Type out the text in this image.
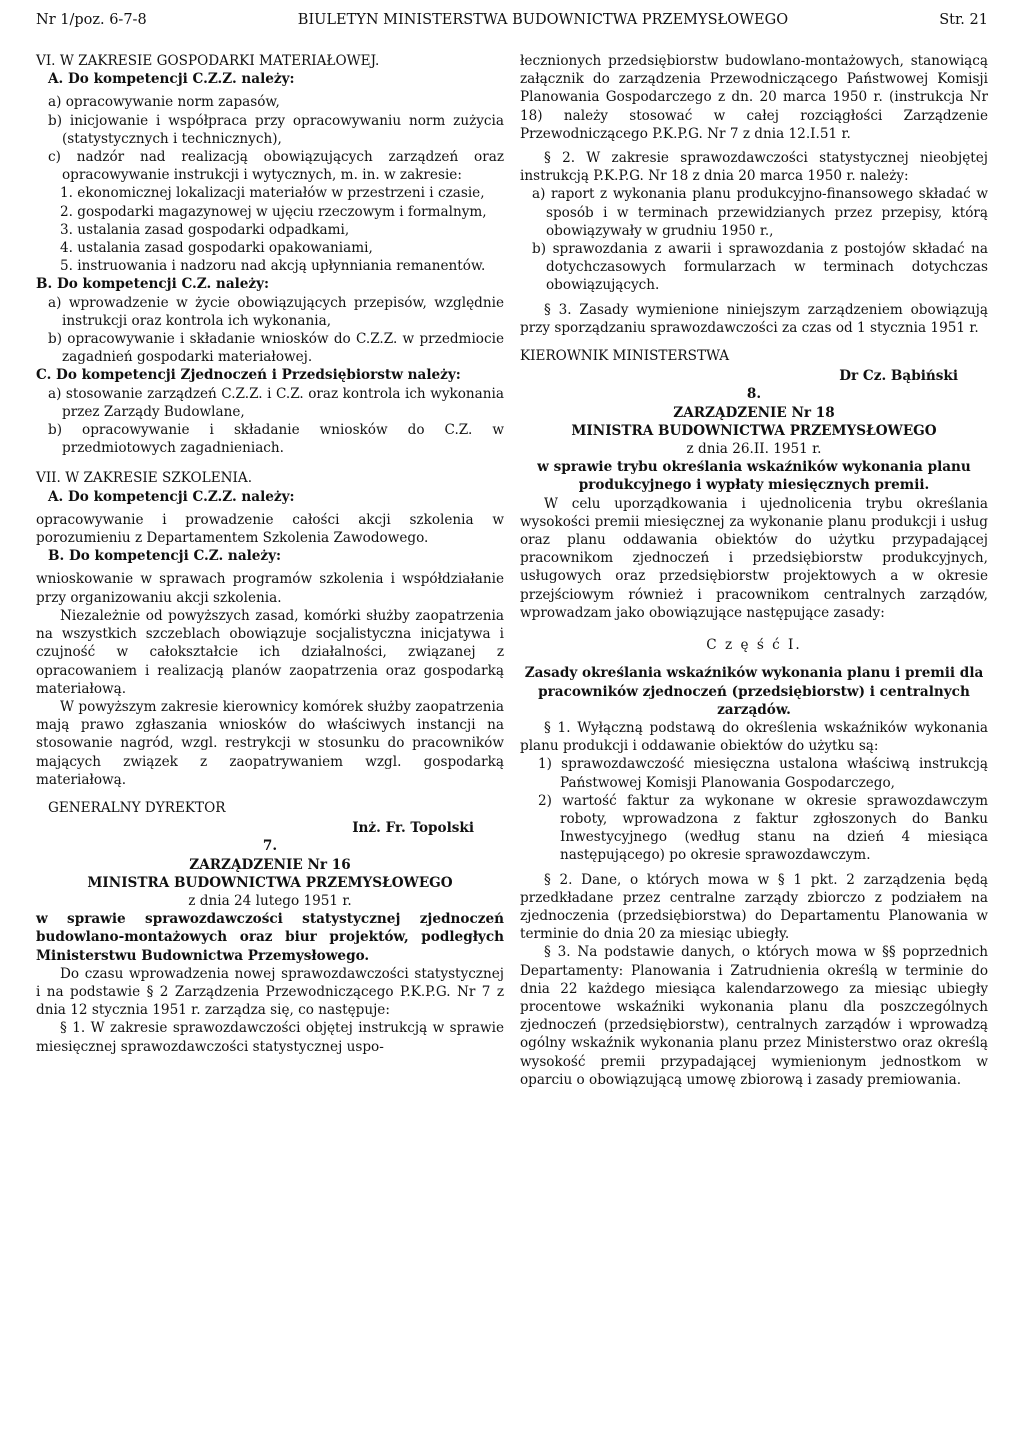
Nr 1/poz. 6-7-8	BIULETYN MINISTERSTWA BUDOWNICTWA PRZEMYSŁOWEGO	Str. 21

VI. W ZAKRESIE GOSPODARKI MATERIAŁOWEJ.

A. Do kompetencji C.Z.Z. należy:

a) opracowywanie norm zapasów,

b) inicjowanie i współpraca przy opracowywaniu norm zużycia (statystycznych i technicznych),

c) nadzór nad realizacją obowiązujących zarządzeń oraz opracowywanie instrukcji i wytycznych, m. in. w zakresie:

1. ekonomicznej lokalizacji materiałów w przestrzeni i czasie,

2. gospodarki magazynowej w ujęciu rzeczowym i formalnym,

3. ustalania zasad gospodarki odpadkami,

4. ustalania zasad gospodarki opakowaniami,

5. instruowania i nadzoru nad akcją upłynniania remanentów.

B. Do kompetencji C.Z. należy:

a) wprowadzenie w życie obowiązujących przepisów, względnie instrukcji oraz kontrola ich wykonania,

b) opracowywanie i składanie wniosków do C.Z.Z. w przedmiocie zagadnień gospodarki materiałowej.

C. Do kompetencji Zjednoczeń i Przedsiębiorstw należy:

a) stosowanie zarządzeń C.Z.Z. i C.Z. oraz kontrola ich wykonania przez Zarządy Budowlane,

b) opracowywanie i składanie wniosków do C.Z. w przedmiotowych zagadnieniach.

VII. W ZAKRESIE SZKOLENIA.

A. Do kompetencji C.Z.Z. należy:

opracowywanie i prowadzenie całości akcji szkolenia w porozumieniu z Departamentem Szkolenia Zawodowego.

B. Do kompetencji C.Z. należy:

wnioskowanie w sprawach programów szkolenia i współdziałanie przy organizowaniu akcji szkolenia.

Niezależnie od powyższych zasad, komórki służby zaopatrzenia na wszystkich szczeblach obowiązuje socjalistyczna inicjatywa i czujność w całokształcie ich działalności, związanej z opracowaniem i realizacją planów zaopatrzenia oraz gospodarką materiałową.

W powyższym zakresie kierownicy komórek służby zaopatrzenia mają prawo zgłaszania wniosków do właściwych instancji na stosowanie nagród, wzgl. restrykcji w stosunku do pracowników mających związek z zaopatrywaniem wzgl. gospodarką materiałową.

GENERALNY DYREKTOR
Inż. Fr. Topolski

7.

ZARZĄDZENIE Nr 16

MINISTRA BUDOWNICTWA PRZEMYSŁOWEGO

z dnia 24 lutego 1951 r.

w sprawie sprawozdawczości statystycznej zjednoczeń budowlano-montażowych oraz biur projektów, podległych Ministerstwu Budownictwa Przemysłowego.

Do czasu wprowadzenia nowej sprawozdawczości statystycznej i na podstawie § 2 Zarządzenia Przewodniczącego P.K.P.G. Nr 7 z dnia 12 stycznia 1951 r. zarządza się, co następuje:

§ 1. W zakresie sprawozdawczości objętej instrukcją w sprawie miesięcznej sprawozdawczości statystycznej uspo-

łecznionych przedsiębiorstw budowlano-montażowych, stanowiącą załącznik do zarządzenia Przewodniczącego Państwowej Komisji Planowania Gospodarczego z dn. 20 marca 1950 r. (instrukcja Nr 18) należy stosować w całej rozciągłości Zarządzenie Przewodniczącego P.K.P.G. Nr 7 z dnia 12.I.51 r.

§ 2. W zakresie sprawozdawczości statystycznej nieobjętej instrukcją P.K.P.G. Nr 18 z dnia 20 marca 1950 r. należy:

a) raport z wykonania planu produkcyjno-finansowego składać w sposób i w terminach przewidzianych przez przepisy, którą obowiązywały w grudniu 1950 r.,

b) sprawozdania z awarii i sprawozdania z postojów składać na dotychczasowych formularzach w terminach dotychczas obowiązujących.

§ 3. Zasady wymienione niniejszym zarządzeniem obowiązują przy sporządzaniu sprawozdawczości za czas od 1 stycznia 1951 r.

KIEROWNIK MINISTERSTWA
Dr Cz. Bąbiński

8.

ZARZĄDZENIE Nr 18

MINISTRA BUDOWNICTWA PRZEMYSŁOWEGO

z dnia 26.II. 1951 r.

w sprawie trybu określania wskaźników wykonania planu produkcyjnego i wypłaty miesięcznych premii.

W celu uporządkowania i ujednolicenia trybu określania wysokości premii miesięcznej za wykonanie planu produkcji i usług oraz planu oddawania obiektów do użytku przypadającej pracownikom zjednoczeń i przedsiębiorstw produkcyjnych, usługowych oraz przedsiębiorstw projektowych a w okresie przejściowym również i pracownikom centralnych zarządów, wprowadzam jako obowiązujące następujące zasady:

C z ę ś ć I.

Zasady określania wskaźników wykonania planu i premii dla pracowników zjednoczeń (przedsiębiorstw) i centralnych zarządów.

§ 1. Wyłączną podstawą do określenia wskaźników wykonania planu produkcji i oddawanie obiektów do użytku są:

1) sprawozdawczość miesięczna ustalona właściwą instrukcją Państwowej Komisji Planowania Gospodarczego,

2) wartość faktur za wykonane w okresie sprawozdawczym roboty, wprowadzona z faktur zgłoszonych do Banku Inwestycyjnego (według stanu na dzień 4 miesiąca następującego) po okresie sprawozdawczym.

§ 2. Dane, o których mowa w § 1 pkt. 2 zarządzenia będą przedkładane przez centralne zarządy zbiorczo z podziałem na zjednoczenia (przedsiębiorstwa) do Departamentu Planowania w terminie do dnia 20 za miesiąc ubiegły.

§ 3. Na podstawie danych, o których mowa w §§ poprzednich Departamenty: Planowania i Zatrudnienia określą w terminie do dnia 22 każdego miesiąca kalendarzowego za miesiąc ubiegły procentowe wskaźniki wykonania planu dla poszczególnych zjednoczeń (przedsiębiorstw), centralnych zarządów i wprowadzą ogólny wskaźnik wykonania planu przez Ministerstwo oraz określą wysokość premii przypadającej wymienionym jednostkom w oparciu o obowiązującą umowę zbiorową i zasady premiowania.
